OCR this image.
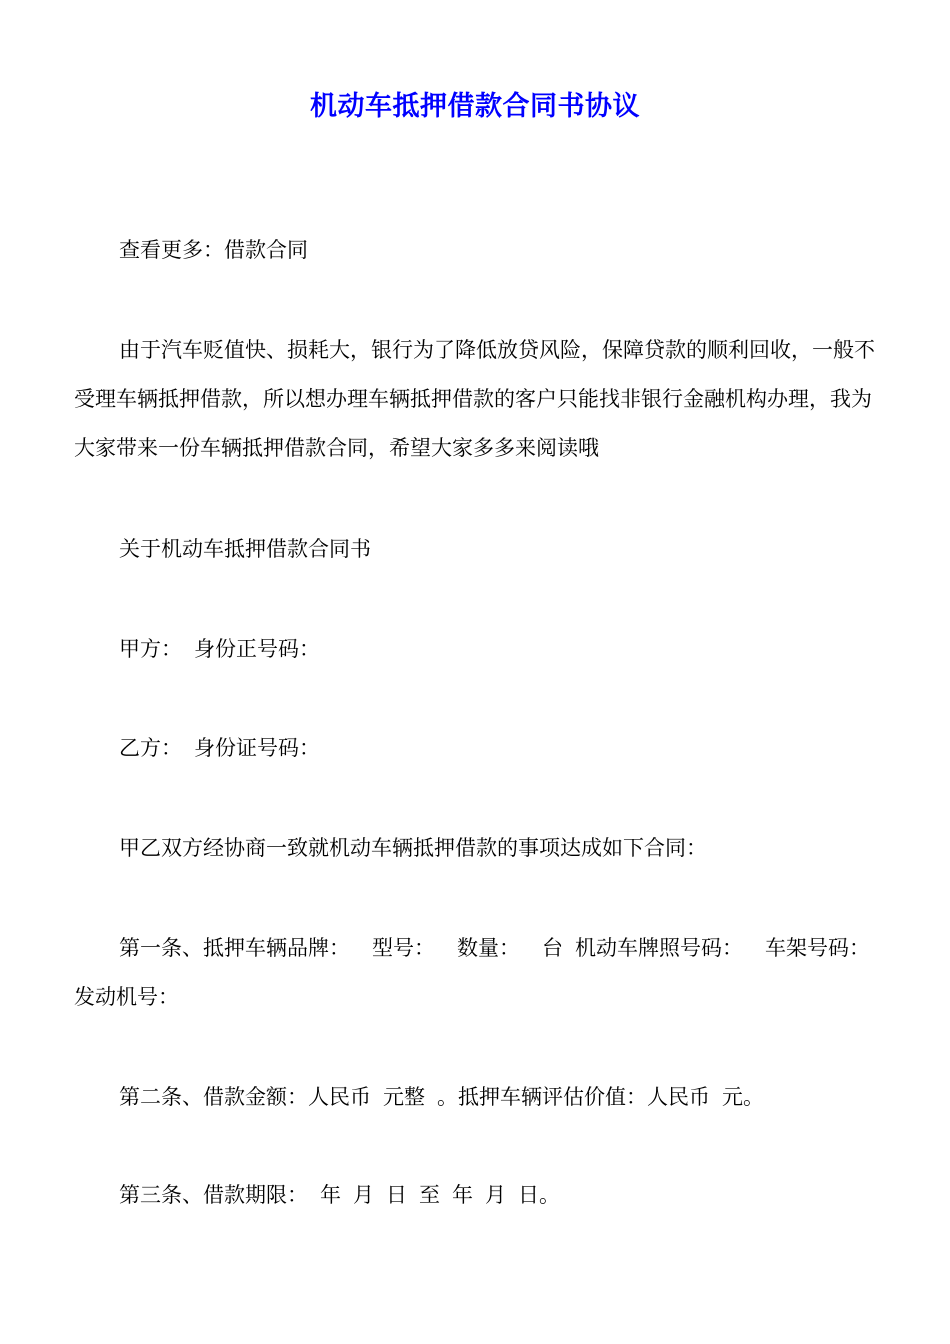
机动车抵押借款合同书协议

查看更多：借款合同

由于汽车贬值快、损耗大，银行为了降低放贷风险，保障贷款的顺利回收，一般不受理车辆抵押借款，所以想办理车辆抵押借款的客户只能找非银行金融机构办理，我为大家带来一份车辆抵押借款合同，希望大家多多来阅读哦

关于机动车抵押借款合同书

甲方： 身份正号码：

乙方： 身份证号码：

甲乙双方经协商一致就机动车辆抵押借款的事项达成如下合同：

第一条、抵押车辆品牌： 型号： 数量： 台 机动车牌照号码： 车架号码：发动机号：

第二条、借款金额：人民币 元整 。抵押车辆评估价值：人民币 元。

第三条、借款期限： 年 月 日 至 年 月 日。
